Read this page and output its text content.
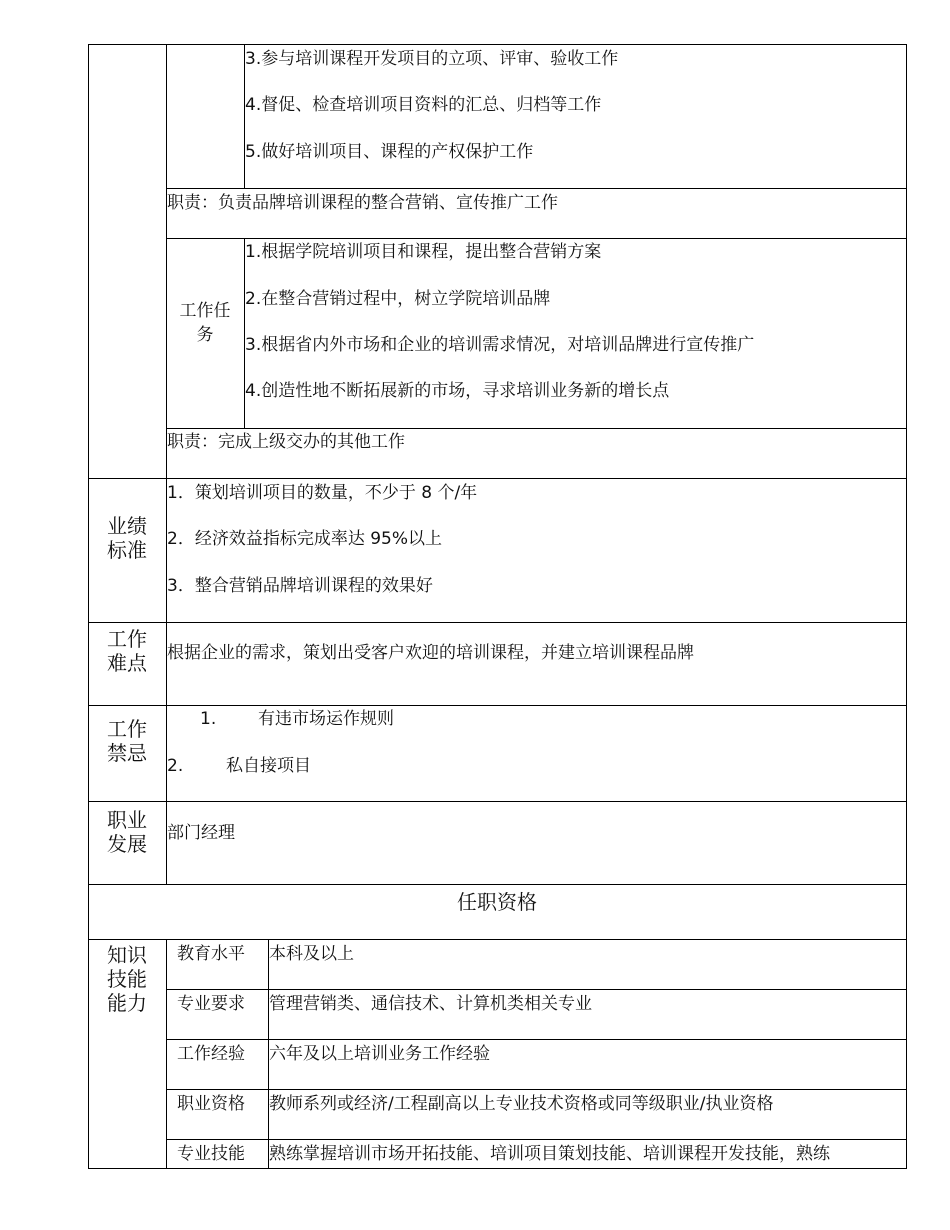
3.参与培训课程开发项目的立项、评审、验收工作
4.督促、检查培训项目资料的汇总、归档等工作
5.做好培训项目、课程的产权保护工作
职责：负责品牌培训课程的整合营销、宣传推广工作
工作任
务
1.根据学院培训项目和课程，提出整合营销方案
2.在整合营销过程中，树立学院培训品牌
3.根据省内外市场和企业的培训需求情况，对培训品牌进行宣传推广
4.创造性地不断拓展新的市场，寻求培训业务新的增长点
职责：完成上级交办的其他工作
业绩
标准
1．策划培训项目的数量，不少于 8 个/年
2．经济效益指标完成率达 95%以上
3．整合营销品牌培训课程的效果好
工作
难点	根据企业的需求，策划出受客户欢迎的培训课程，并建立培训课程品牌
工作
禁忌
1. 有违市场运作规则
2.	私自接项目
职业
发展	部门经理
任职资格
知识
技能
能力
教育水平 本科及以上
专业要求 管理营销类、通信技术、计算机类相关专业
工作经验 六年及以上培训业务工作经验
职业资格 教师系列或经济/工程副高以上专业技术资格或同等级职业/执业资格
专业技能 熟练掌握培训市场开拓技能、培训项目策划技能、培训课程开发技能，熟练
